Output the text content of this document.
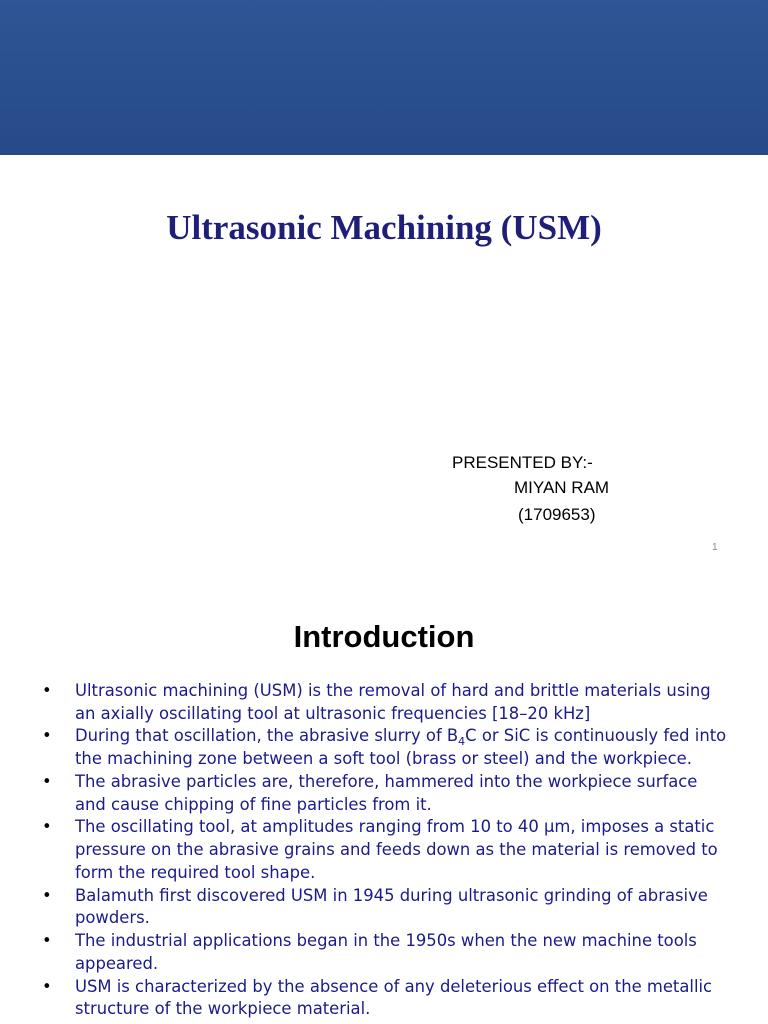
Ultrasonic Machining (USM)
PRESENTED BY:-
MIYAN RAM
(1709653)
1
Introduction
• Ultrasonic machining (USM) is the removal of hard and brittle materials using an axially oscillating tool at ultrasonic frequencies [18–20 kHz]
• During that oscillation, the abrasive slurry of $B_4C$ or SiC is continuously fed into the machining zone between a soft tool (brass or steel) and the workpiece.
• The abrasive particles are, therefore, hammered into the workpiece surface and cause chipping of fine particles from it.
• The oscillating tool, at amplitudes ranging from 10 to 40 μm, imposes a static pressure on the abrasive grains and feeds down as the material is removed to form the required tool shape.
• Balamuth first discovered USM in 1945 during ultrasonic grinding of abrasive powders.
• The industrial applications began in the 1950s when the new machine tools appeared.
• USM is characterized by the absence of any deleterious effect on the metallic structure of the workpiece material.
